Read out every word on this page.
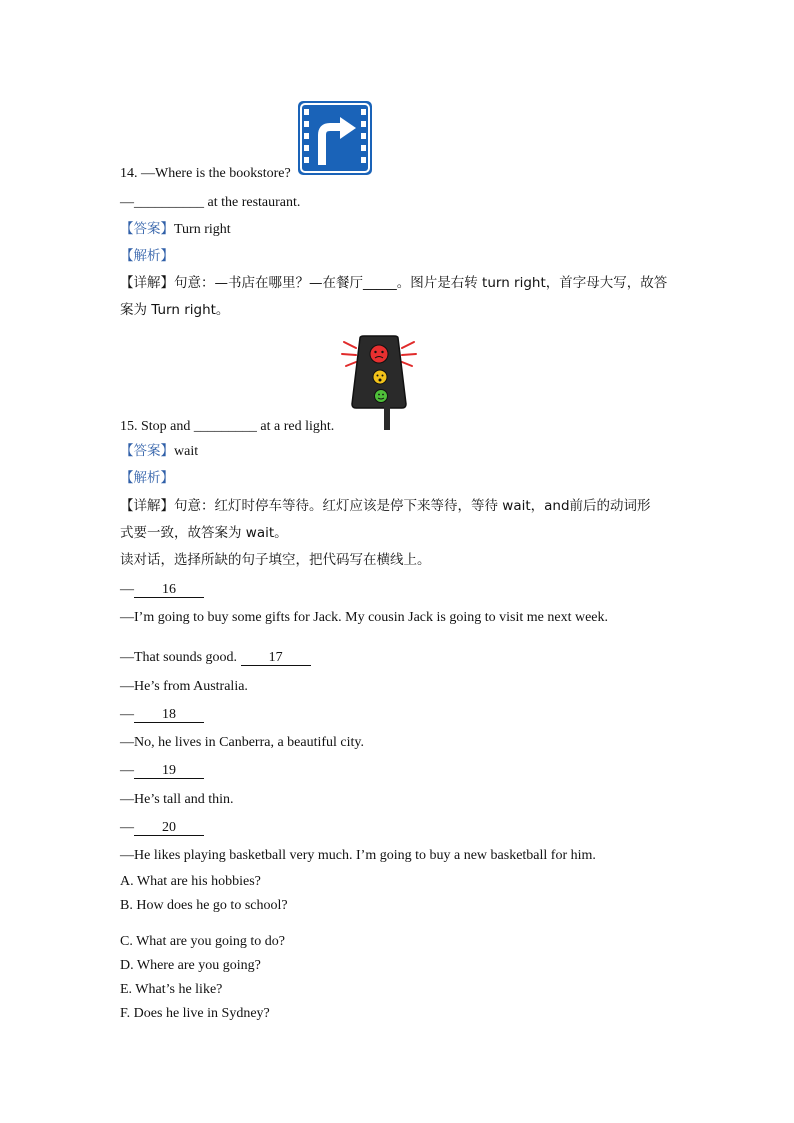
14. —Where is the bookstore?
—__________ at the restaurant.
【答案】Turn right
【解析】
【详解】句意：—书店在哪里？—在餐厅_____。图片是右转 turn right，首字母大写，故答
案为 Turn right。
15. Stop and _________ at a red light.
【答案】wait
【解析】
【详解】句意：红灯时停车等待。红灯应该是停下来等待，等待 wait，and前后的动词形
式要一致，故答案为 wait。
读对话，选择所缺的句子填空，把代码写在横线上。
— 16
—I’m going to buy some gifts for Jack. My cousin Jack is going to visit me next week.
—That sounds good. 17
—He’s from Australia.
— 18
—No, he lives in Canberra, a beautiful city.
— 19
—He’s tall and thin.
— 20
—He likes playing basketball very much. I’m going to buy a new basketball for him.
A. What are his hobbies?
B. How does he go to school?
C. What are you going to do?
D. Where are you going?
E. What’s he like?
F. Does he live in Sydney?
